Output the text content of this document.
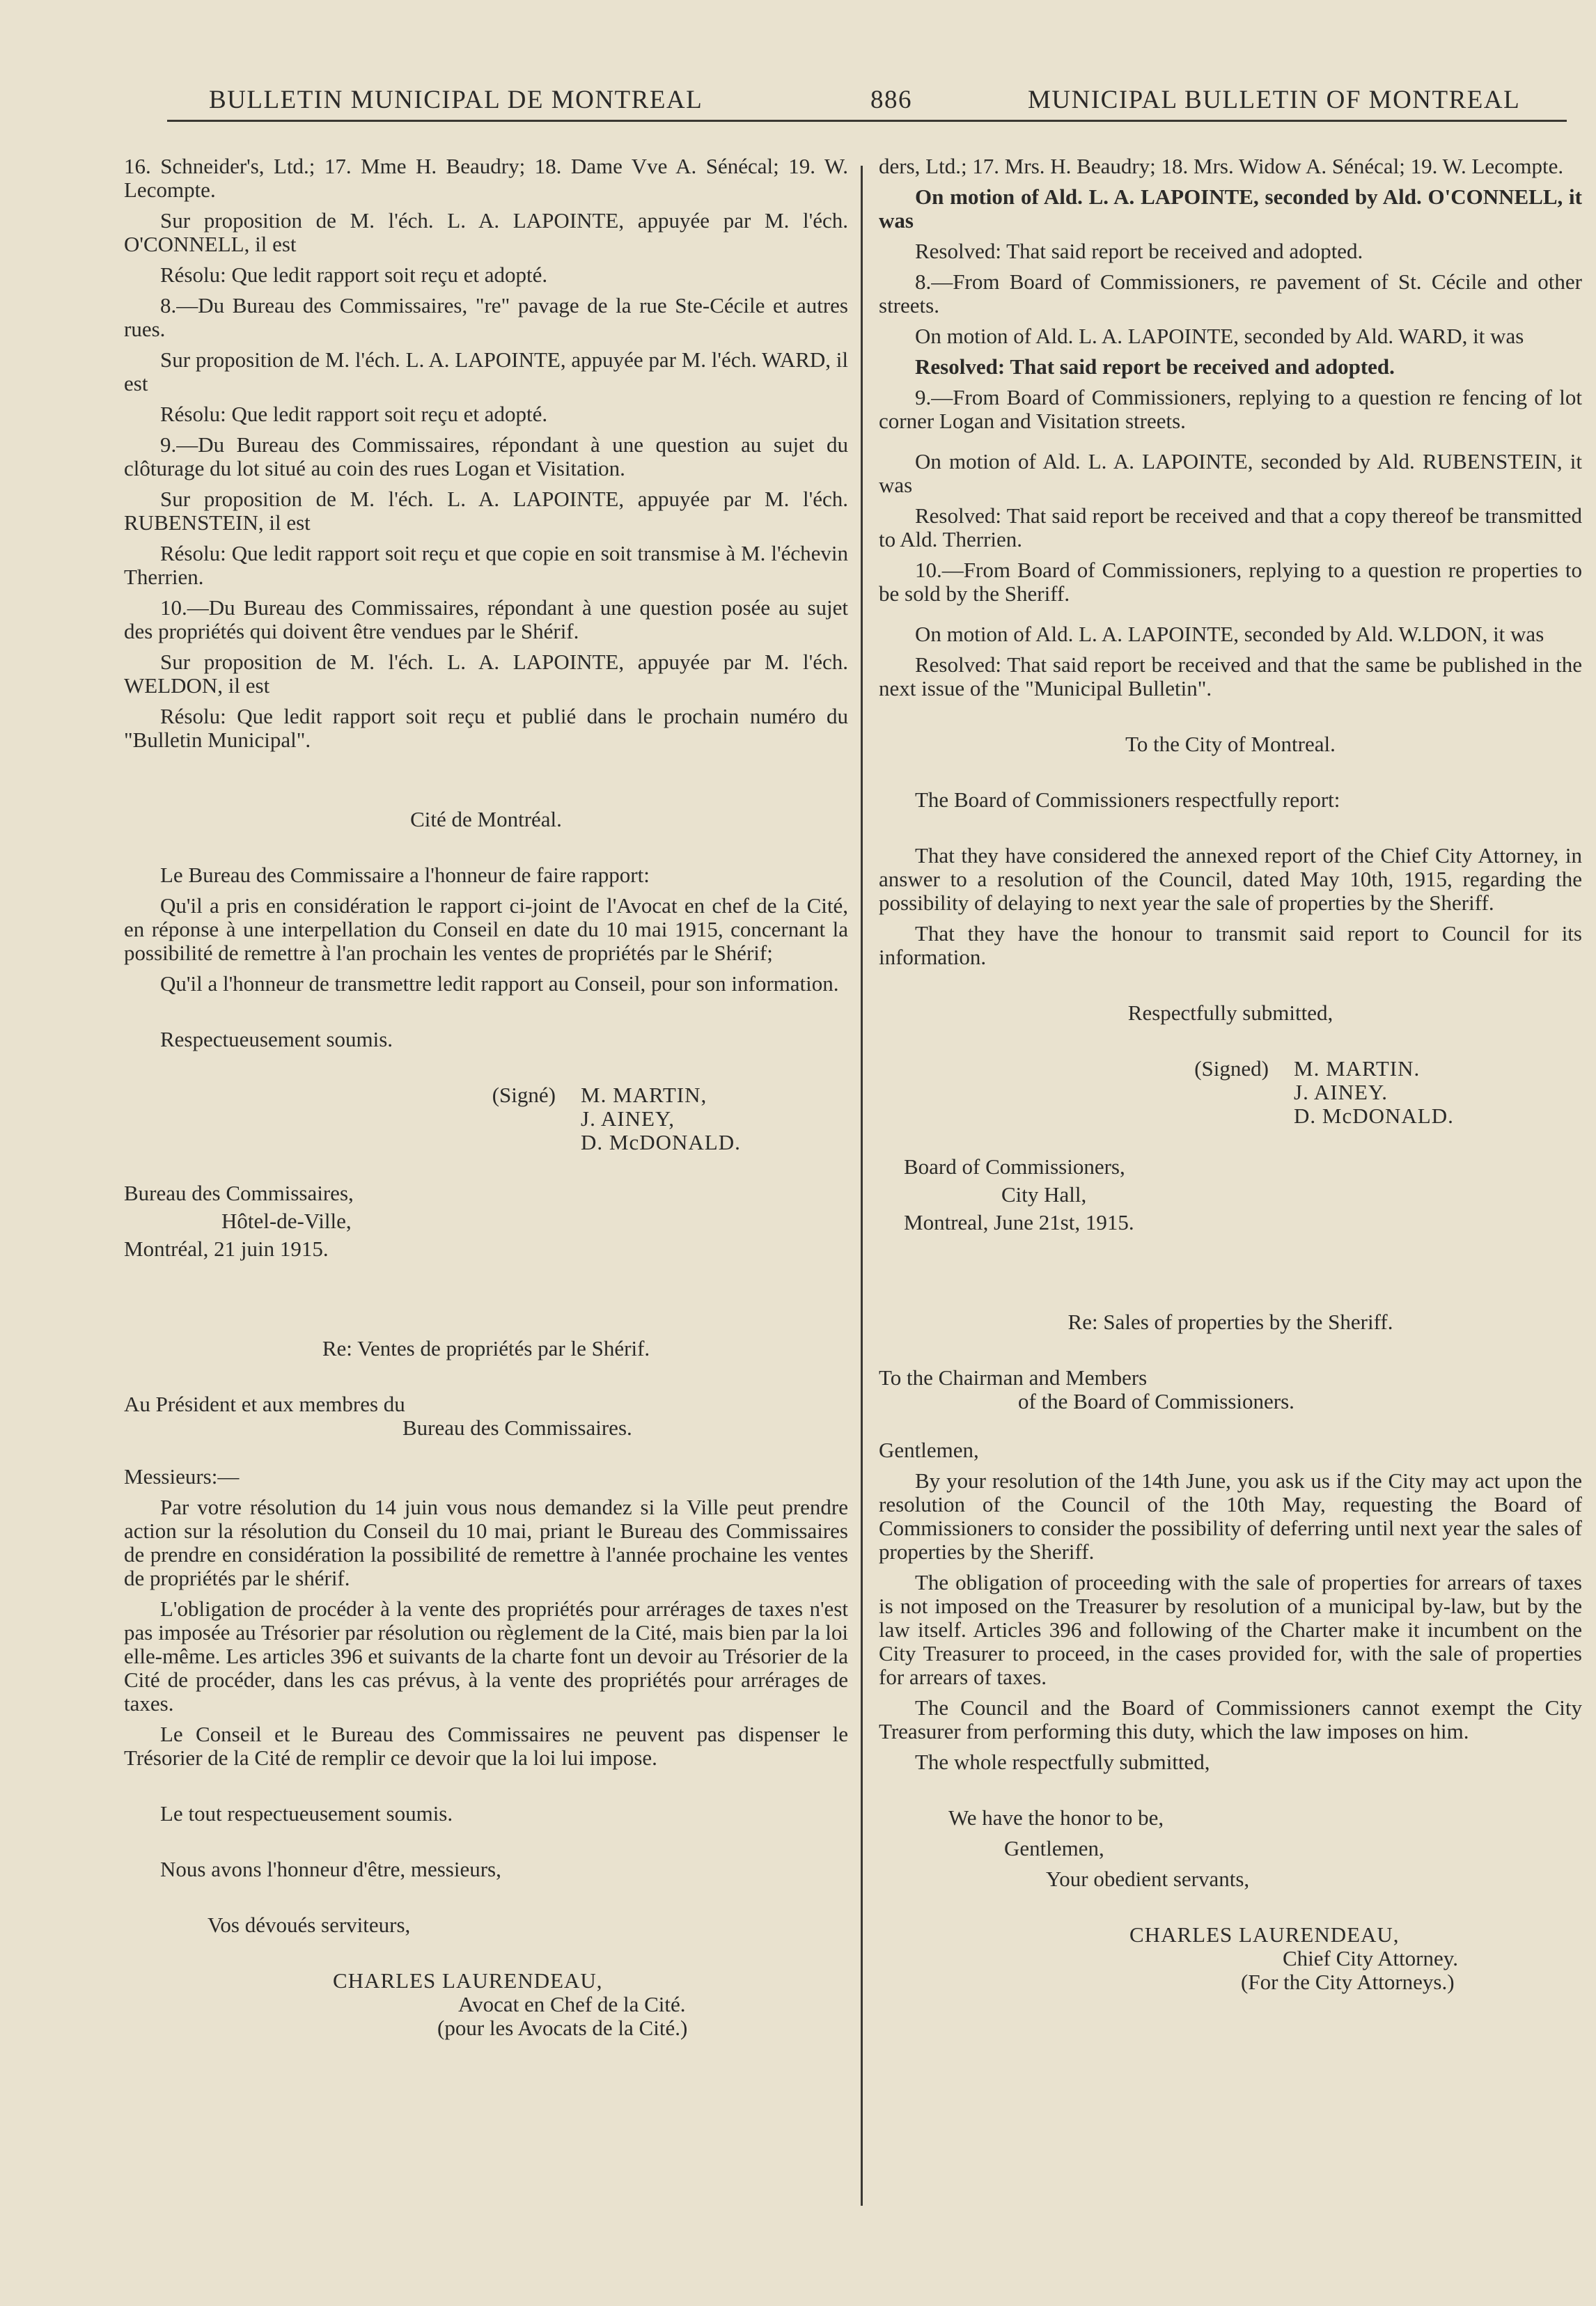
BULLETIN MUNICIPAL DE MONTREAL	886	MUNICIPAL BULLETIN OF MONTREAL

16. Schneider's, Ltd.; 17. Mme H. Beaudry; 18. Dame Vve A. Sénécal; 19. W. Lecompte.

Sur proposition de M. l'éch. L. A. LAPOINTE, appuyée par M. l'éch. O'CONNELL, il est

Résolu: Que ledit rapport soit reçu et adopté.

8.—Du Bureau des Commissaires, "re" pavage de la rue Ste-Cécile et autres rues.

Sur proposition de M. l'éch. L. A. LAPOINTE, appuyée par M. l'éch. WARD, il est

Résolu: Que ledit rapport soit reçu et adopté.

9.—Du Bureau des Commissaires, répondant à une question au sujet du clôturage du lot situé au coin des rues Logan et Visitation.

Sur proposition de M. l'éch. L. A. LAPOINTE, appuyée par M. l'éch. RUBENSTEIN, il est

Résolu: Que ledit rapport soit reçu et que copie en soit transmise à M. l'échevin Therrien.

10.—Du Bureau des Commissaires, répondant à une question posée au sujet des propriétés qui doivent être vendues par le Shérif.

Sur proposition de M. l'éch. L. A. LAPOINTE, appuyée par M. l'éch. WELDON, il est

Résolu: Que ledit rapport soit reçu et publié dans le prochain numéro du "Bulletin Municipal".

Cité de Montréal.

Le Bureau des Commissaire a l'honneur de faire rapport:

Qu'il a pris en considération le rapport ci-joint de l'Avocat en chef de la Cité, en réponse à une interpellation du Conseil en date du 10 mai 1915, concernant la possibilité de remettre à l'an prochain les ventes de propriétés par le Shérif;

Qu'il a l'honneur de transmettre ledit rapport au Conseil, pour son information.

Respectueusement soumis.

(Signé)	M. MARTIN,
J. AINEY,
D. McDONALD.
Bureau des Commissaires,
Hôtel-de-Ville,
Montréal, 21 juin 1915.

Re: Ventes de propriétés par le Shérif.

Au Président et aux membres du
Bureau des Commissaires.

Messieurs:—

Par votre résolution du 14 juin vous nous demandez si la Ville peut prendre action sur la résolution du Conseil du 10 mai, priant le Bureau des Commissaires de prendre en considération la possibilité de remettre à l'année prochaine les ventes de propriétés par le shérif.

L'obligation de procéder à la vente des propriétés pour arrérages de taxes n'est pas imposée au Trésorier par résolution ou règlement de la Cité, mais bien par la loi elle-même. Les articles 396 et suivants de la charte font un devoir au Trésorier de la Cité de procéder, dans les cas prévus, à la vente des propriétés pour arrérages de taxes.

Le Conseil et le Bureau des Commissaires ne peuvent pas dispenser le Trésorier de la Cité de remplir ce devoir que la loi lui impose.

Le tout respectueusement soumis.

Nous avons l'honneur d'être, messieurs,

Vos dévoués serviteurs,

CHARLES LAURENDEAU,
Avocat en Chef de la Cité.
(pour les Avocats de la Cité.)

ders, Ltd.; 17. Mrs. H. Beaudry; 18. Mrs. Widow A. Sénécal; 19. W. Lecompte.

On motion of Ald. L. A. LAPOINTE, seconded by Ald. O'CONNELL, it was

Resolved: That said report be received and adopted.

8.—From Board of Commissioners, re pavement of St. Cécile and other streets.

On motion of Ald. L. A. LAPOINTE, seconded by Ald. WARD, it was

Resolved: That said report be received and adopted.

9.—From Board of Commissioners, replying to a question re fencing of lot corner Logan and Visitation streets.

On motion of Ald. L. A. LAPOINTE, seconded by Ald. RUBENSTEIN, it was

Resolved: That said report be received and that a copy thereof be transmitted to Ald. Therrien.

10.—From Board of Commissioners, replying to a question re properties to be sold by the Sheriff.

On motion of Ald. L. A. LAPOINTE, seconded by Ald. W.LDON, it was

Resolved: That said report be received and that the same be published in the next issue of the "Municipal Bulletin".

To the City of Montreal.

The Board of Commissioners respectfully report:

That they have considered the annexed report of the Chief City Attorney, in answer to a resolution of the Council, dated May 10th, 1915, regarding the possibility of delaying to next year the sale of properties by the Sheriff.

That they have the honour to transmit said report to Council for its information.

Respectfully submitted,

(Signed)	M. MARTIN.
J. AINEY.
D. McDONALD.
Board of Commissioners,
City Hall,
Montreal, June 21st, 1915.

Re: Sales of properties by the Sheriff.

To the Chairman and Members
of the Board of Commissioners.

Gentlemen,

By your resolution of the 14th June, you ask us if the City may act upon the resolution of the Council of the 10th May, requesting the Board of Commissioners to consider the possibility of deferring until next year the sales of properties by the Sheriff.

The obligation of proceeding with the sale of properties for arrears of taxes is not imposed on the Treasurer by resolution of a municipal by-law, but by the law itself. Articles 396 and following of the Charter make it incumbent on the City Treasurer to proceed, in the cases provided for, with the sale of properties for arrears of taxes.

The Council and the Board of Commissioners cannot exempt the City Treasurer from performing this duty, which the law imposes on him.

The whole respectfully submitted,

We have the honor to be,

Gentlemen,

Your obedient servants,

CHARLES LAURENDEAU,
Chief City Attorney.
(For the City Attorneys.)
